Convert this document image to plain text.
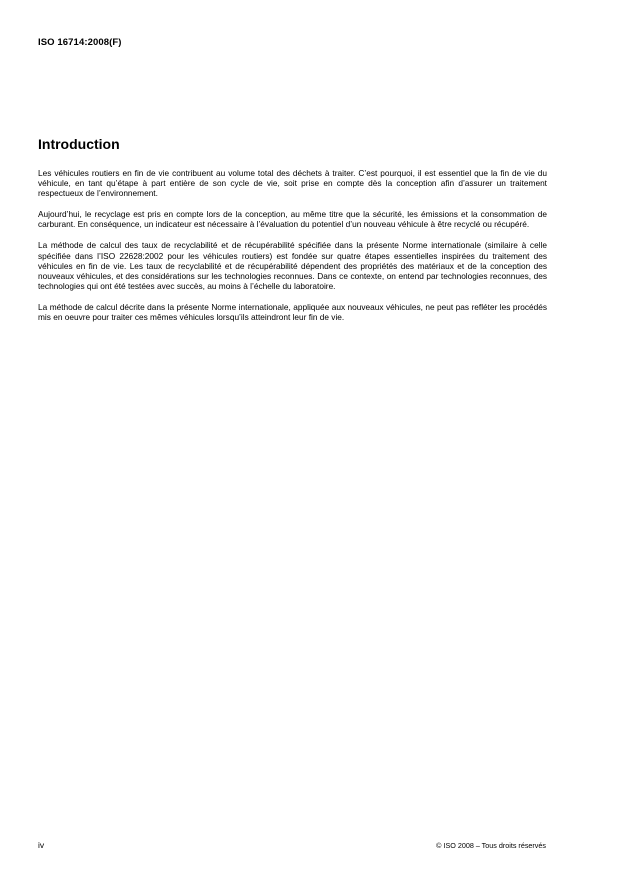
ISO 16714:2008(F)
Introduction

Les véhicules routiers en fin de vie contribuent au volume total des déchets à traiter. C’est pourquoi, il est essentiel que la fin de vie du véhicule, en tant qu’étape à part entière de son cycle de vie, soit prise en compte dès la conception afin d’assurer un traitement respectueux de l’environnement.

Aujourd’hui, le recyclage est pris en compte lors de la conception, au même titre que la sécurité, les émissions et la consommation de carburant. En conséquence, un indicateur est nécessaire à l’évaluation du potentiel d’un nouveau véhicule à être recyclé ou récupéré.

La méthode de calcul des taux de recyclabilité et de récupérabilité spécifiée dans la présente Norme internationale (similaire à celle spécifiée dans l’ISO 22628:2002 pour les véhicules routiers) est fondée sur quatre étapes essentielles inspirées du traitement des véhicules en fin de vie. Les taux de recyclabilité et de récupérabilité dépendent des propriétés des matériaux et de la conception des nouveaux véhicules, et des considérations sur les technologies reconnues. Dans ce contexte, on entend par technologies reconnues, des technologies qui ont été testées avec succès, au moins à l’échelle du laboratoire.

La méthode de calcul décrite dans la présente Norme internationale, appliquée aux nouveaux véhicules, ne peut pas refléter les procédés mis en oeuvre pour traiter ces mêmes véhicules lorsqu’ils atteindront leur fin de vie.

iv	© ISO 2008 – Tous droits réservés
